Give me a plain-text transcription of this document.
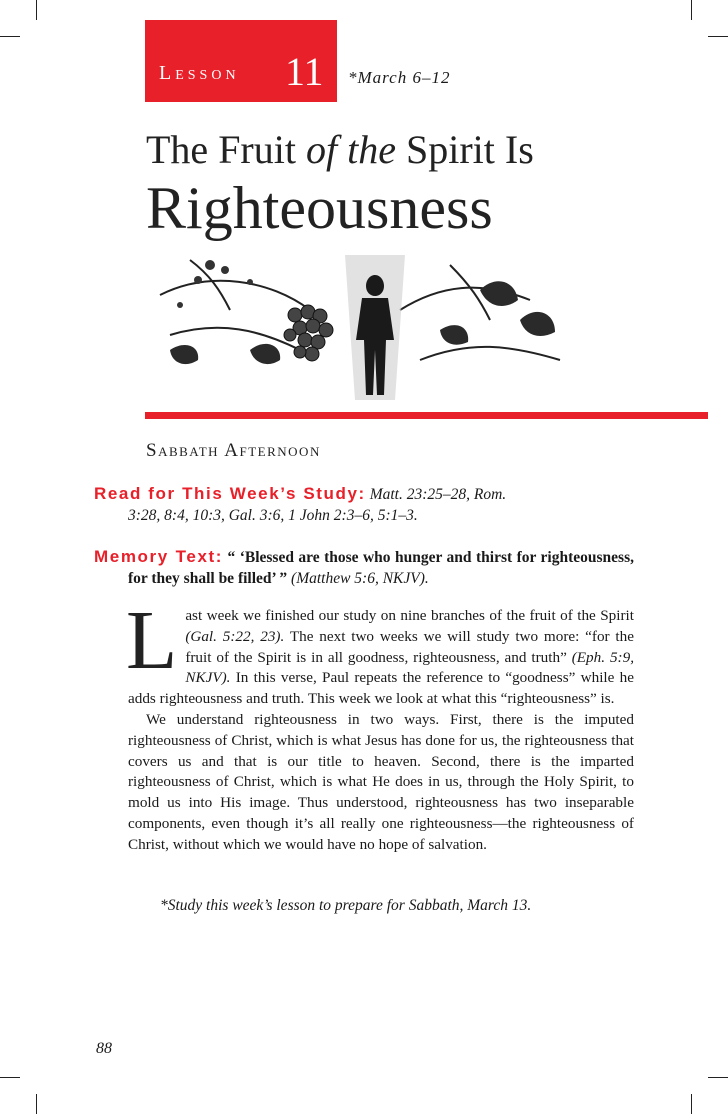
Lesson 11 *March 6–12
The Fruit of the Spirit Is
Righteousness
Sabbath Afternoon
Read for This Week’s Study: Matt. 23:25–28, Rom.
3:28, 8:4, 10:3, Gal. 3:6, 1 John 2:3–6, 5:1–3.
Memory Text: “ ‘Blessed are those who hunger and thirst for righteousness, for they shall be filled’ ” (Matthew 5:6, NKJV).
Last week we finished our study on nine branches of the fruit of the Spirit (Gal. 5:22, 23). The next two weeks we will study two more: “for the fruit of the Spirit is in all goodness, righteousness, and truth” (Eph. 5:9, NKJV). In this verse, Paul repeats the reference to “goodness” while he adds righteousness and truth. This week we look at what this “righteousness” is.
We understand righteousness in two ways. First, there is the imputed righteousness of Christ, which is what Jesus has done for us, the righteousness that covers us and that is our title to heaven. Second, there is the imparted righteousness of Christ, which is what He does in us, through the Holy Spirit, to mold us into His image. Thus understood, righteousness has two inseparable components, even though it’s all really one righteousness—the righteousness of Christ, without which we would have no hope of salvation.
*Study this week’s lesson to prepare for Sabbath, March 13.
88
